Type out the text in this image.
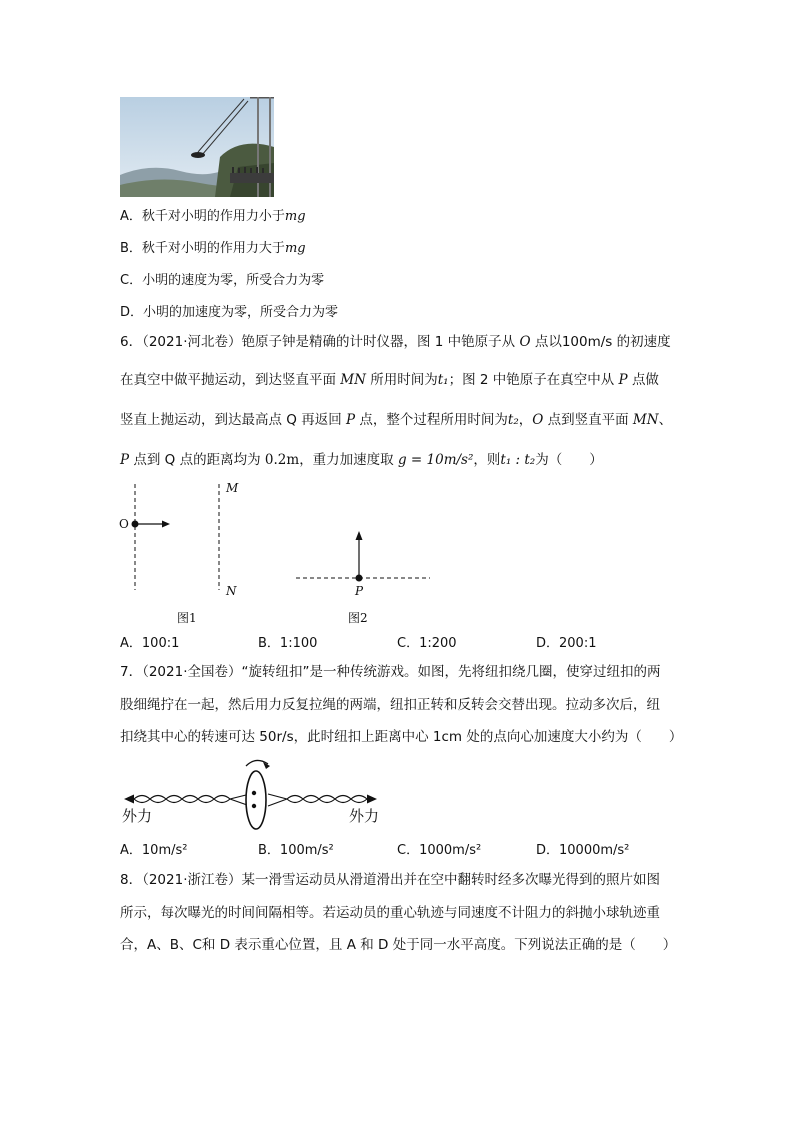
A．秋千对小明的作用力小于mg
B．秋千对小明的作用力大于mg
C．小明的速度为零，所受合力为零
D．小明的加速度为零，所受合力为零
6．（2021·河北卷）铯原子钟是精确的计时仪器，图 1 中铯原子从 O 点以100m/s 的初速度
在真空中做平抛运动，到达竖直平面 MN 所用时间为t₁；图 2 中铯原子在真空中从 P 点做
竖直上抛运动，到达最高点 Q 再返回 P 点，整个过程所用时间为t₂，O 点到竖直平面 MN、
P 点到 Q 点的距离均为 0.2m，重力加速度取 g = 10m/s²，则t₁ : t₂为（　　）
O
M
N
图1
P
图2
A．100:1	B．1:100	C．1:200	D．200:1
7．（2021·全国卷）“旋转纽扣”是一种传统游戏。如图，先将纽扣绕几圈，使穿过纽扣的两
股细绳拧在一起，然后用力反复拉绳的两端，纽扣正转和反转会交替出现。拉动多次后，纽
扣绕其中心的转速可达 50r/s，此时纽扣上距离中心 1cm 处的点向心加速度大小约为（　　）
外力	外力
A．10m/s²	B．100m/s²	C．1000m/s²	D．10000m/s²
8．（2021·浙江卷）某一滑雪运动员从滑道滑出并在空中翻转时经多次曝光得到的照片如图
所示，每次曝光的时间间隔相等。若运动员的重心轨迹与同速度不计阻力的斜抛小球轨迹重
合，A、B、C和 D 表示重心位置，且 A 和 D 处于同一水平高度。下列说法正确的是（　　）
